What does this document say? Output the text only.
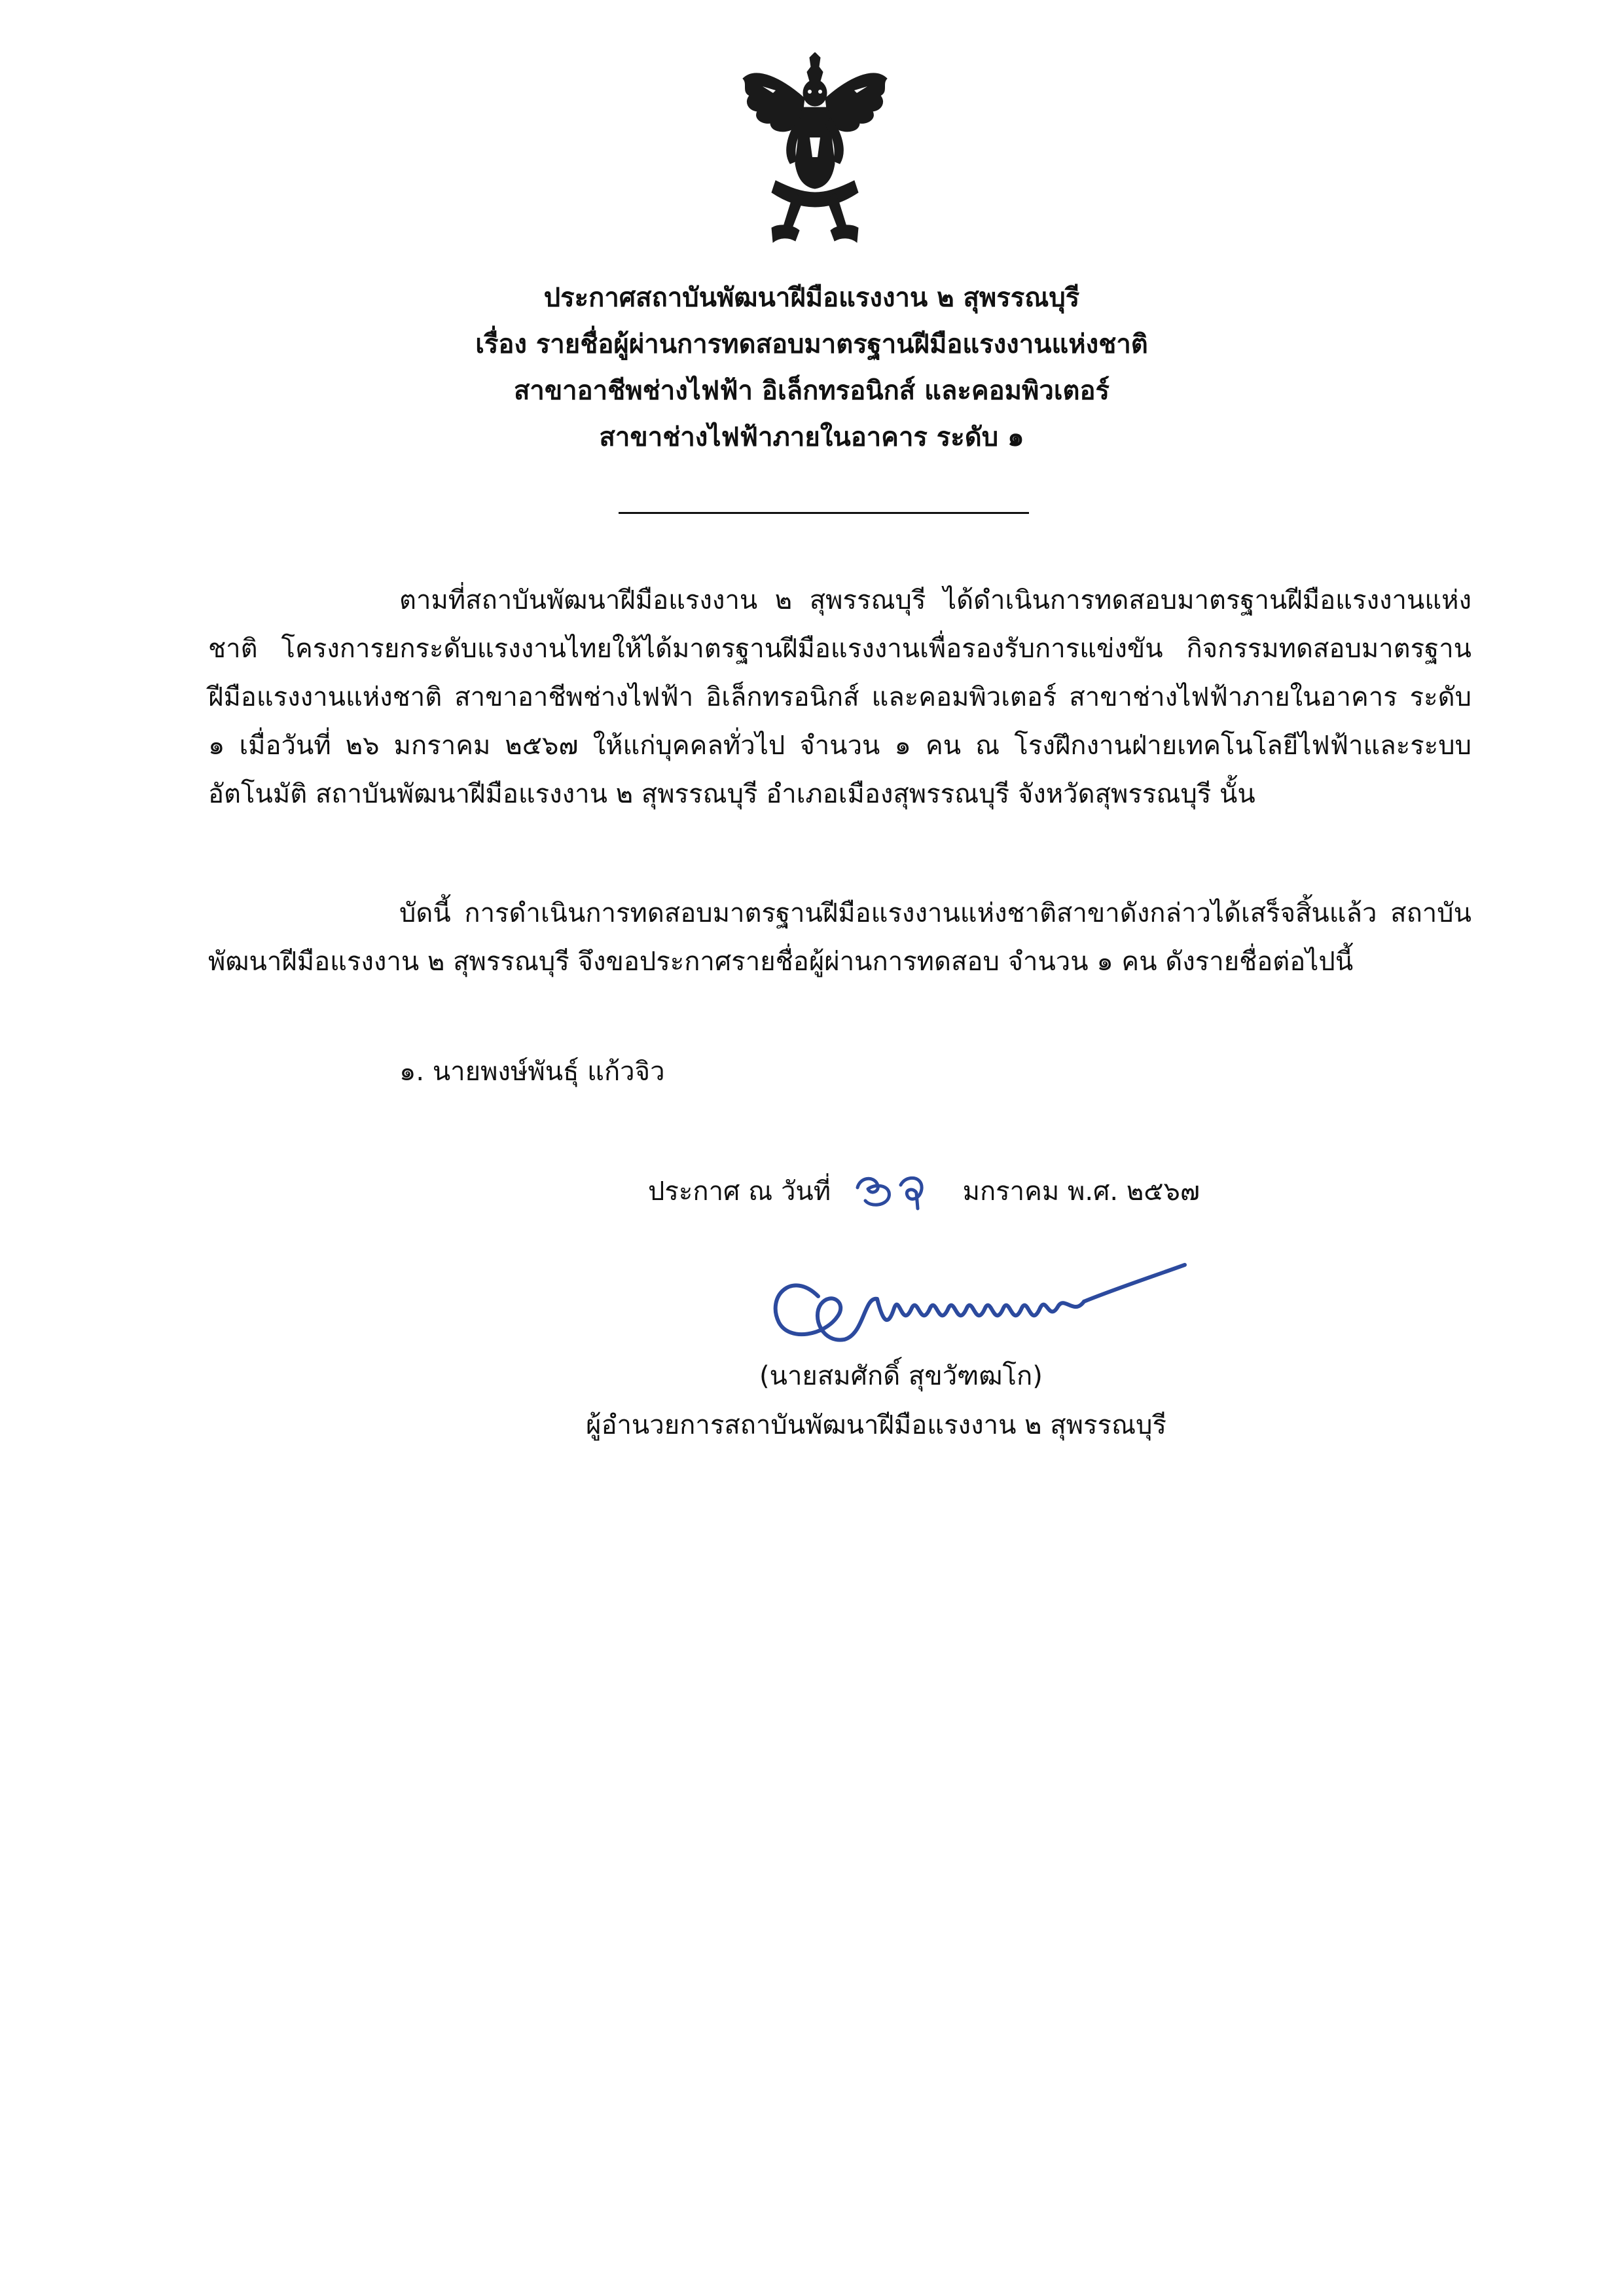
ประกาศสถาบันพัฒนาฝีมือแรงงาน ๒ สุพรรณบุรี

เรื่อง รายชื่อผู้ผ่านการทดสอบมาตรฐานฝีมือแรงงานแห่งชาติ

สาขาอาชีพช่างไฟฟ้า อิเล็กทรอนิกส์ และคอมพิวเตอร์

สาขาช่างไฟฟ้าภายในอาคาร ระดับ ๑

ตามที่สถาบันพัฒนาฝีมือแรงงาน ๒ สุพรรณบุรี ได้ดำเนินการทดสอบมาตรฐานฝีมือแรงงานแห่งชาติ โครงการยกระดับแรงงานไทยให้ได้มาตรฐานฝีมือแรงงานเพื่อรองรับการแข่งขัน กิจกรรมทดสอบมาตรฐานฝีมือแรงงานแห่งชาติ สาขาอาชีพช่างไฟฟ้า อิเล็กทรอนิกส์ และคอมพิวเตอร์ สาขาช่างไฟฟ้าภายในอาคาร ระดับ ๑ เมื่อวันที่ ๒๖ มกราคม ๒๕๖๗ ให้แก่บุคคลทั่วไป จำนวน ๑ คน ณ โรงฝึกงานฝ่ายเทคโนโลยีไฟฟ้าและระบบอัตโนมัติ สถาบันพัฒนาฝีมือแรงงาน ๒ สุพรรณบุรี อำเภอเมืองสุพรรณบุรี จังหวัดสุพรรณบุรี นั้น

บัดนี้ การดำเนินการทดสอบมาตรฐานฝีมือแรงงานแห่งชาติสาขาดังกล่าวได้เสร็จสิ้นแล้ว สถาบันพัฒนาฝีมือแรงงาน ๒ สุพรรณบุรี จึงขอประกาศรายชื่อผู้ผ่านการทดสอบ จำนวน ๑ คน ดังรายชื่อต่อไปนี้

๑. นายพงษ์พันธุ์ แก้วจิว

ประกาศ ณ วันที่	มกราคม พ.ศ. ๒๕๖๗

(นายสมศักดิ์ สุขวัฑฒโก)

ผู้อำนวยการสถาบันพัฒนาฝีมือแรงงาน ๒ สุพรรณบุรี
